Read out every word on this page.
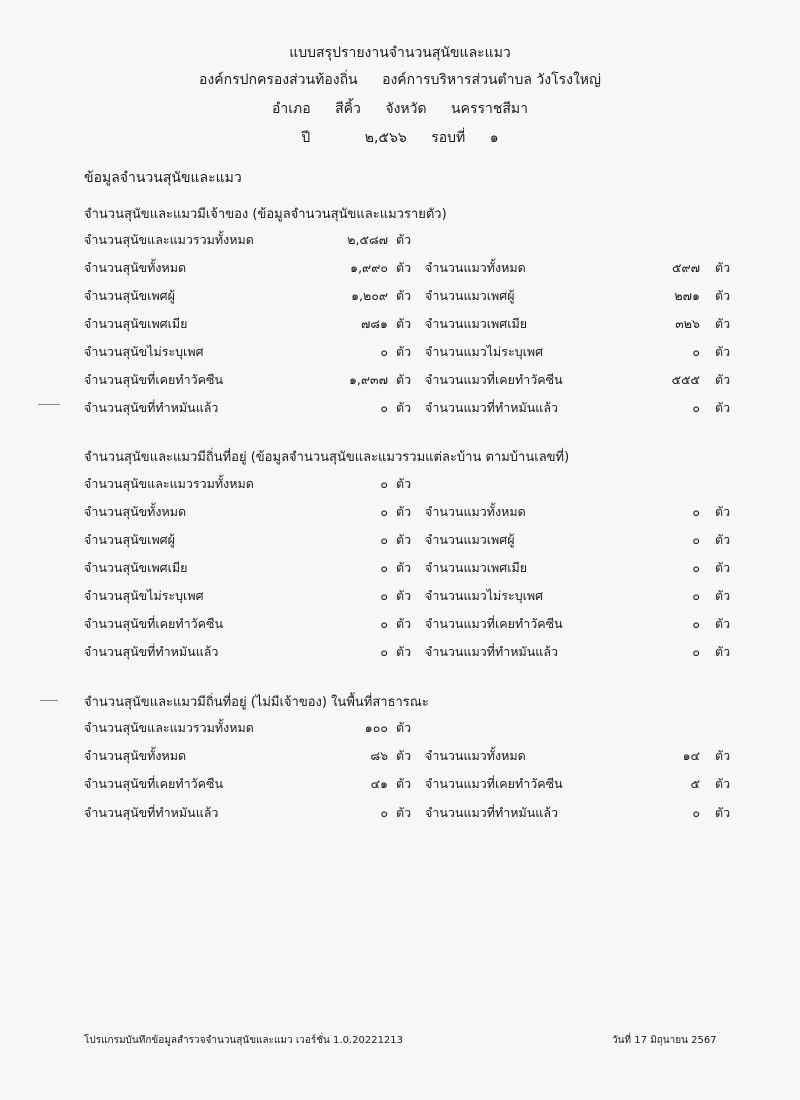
แบบสรุปรายงานจำนวนสุนัขและแมว
องค์กรปกครองส่วนท้องถิ่น องค์การบริหารส่วนตำบล วังโรงใหญ่
อำเภอ สีคิ้ว จังหวัด นครราชสีมา
ปี	๒,๕๖๖ รอบที่ ๑
ข้อมูลจำนวนสุนัขและแมว
จำนวนสุนัขและแมวมีเจ้าของ (ข้อมูลจำนวนสุนัขและแมวรายตัว)
จำนวนสุนัขและแมวรวมทั้งหมด	๒,๕๘๗ ตัว
จำนวนสุนัขทั้งหมด	๑,๙๙๐ ตัว จำนวนแมวทั้งหมด	๕๙๗ ตัว
จำนวนสุนัขเพศผู้	๑,๒๐๙ ตัว จำนวนแมวเพศผู้	๒๗๑ ตัว
จำนวนสุนัขเพศเมีย	๗๘๑ ตัว จำนวนแมวเพศเมีย	๓๒๖ ตัว
จำนวนสุนัขไม่ระบุเพศ	๐ ตัว จำนวนแมวไม่ระบุเพศ	๐ ตัว
จำนวนสุนัขที่เคยทำวัคซีน	๑,๙๓๗ ตัว จำนวนแมวที่เคยทำวัคซีน	๕๕๕ ตัว
จำนวนสุนัขที่ทำหมันแล้ว	๐ ตัว จำนวนแมวที่ทำหมันแล้ว	๐ ตัว
จำนวนสุนัขและแมวมีถิ่นที่อยู่ (ข้อมูลจำนวนสุนัขและแมวรวมแต่ละบ้าน ตามบ้านเลขที่)
จำนวนสุนัขและแมวรวมทั้งหมด	๐ ตัว
จำนวนสุนัขทั้งหมด	๐ ตัว จำนวนแมวทั้งหมด	๐ ตัว
จำนวนสุนัขเพศผู้	๐ ตัว จำนวนแมวเพศผู้	๐ ตัว
จำนวนสุนัขเพศเมีย	๐ ตัว จำนวนแมวเพศเมีย	๐ ตัว
จำนวนสุนัขไม่ระบุเพศ	๐ ตัว จำนวนแมวไม่ระบุเพศ	๐ ตัว
จำนวนสุนัขที่เคยทำวัคซีน	๐ ตัว จำนวนแมวที่เคยทำวัคซีน	๐ ตัว
จำนวนสุนัขที่ทำหมันแล้ว	๐ ตัว จำนวนแมวที่ทำหมันแล้ว	๐ ตัว
จำนวนสุนัขและแมวมีถิ่นที่อยู่ (ไม่มีเจ้าของ) ในพื้นที่สาธารณะ
จำนวนสุนัขและแมวรวมทั้งหมด	๑๐๐ ตัว
จำนวนสุนัขทั้งหมด	๘๖ ตัว จำนวนแมวทั้งหมด	๑๔ ตัว
จำนวนสุนัขที่เคยทำวัคซีน	๔๑ ตัว จำนวนแมวที่เคยทำวัคซีน	๕ ตัว
จำนวนสุนัขที่ทำหมันแล้ว	๐ ตัว จำนวนแมวที่ทำหมันแล้ว	๐ ตัว
โปรแกรมบันทึกข้อมูลสำรวจจำนวนสุนัขและแมว เวอร์ชั่น 1.0.20221213	วันที่ 17 มิถุนายน 2567
